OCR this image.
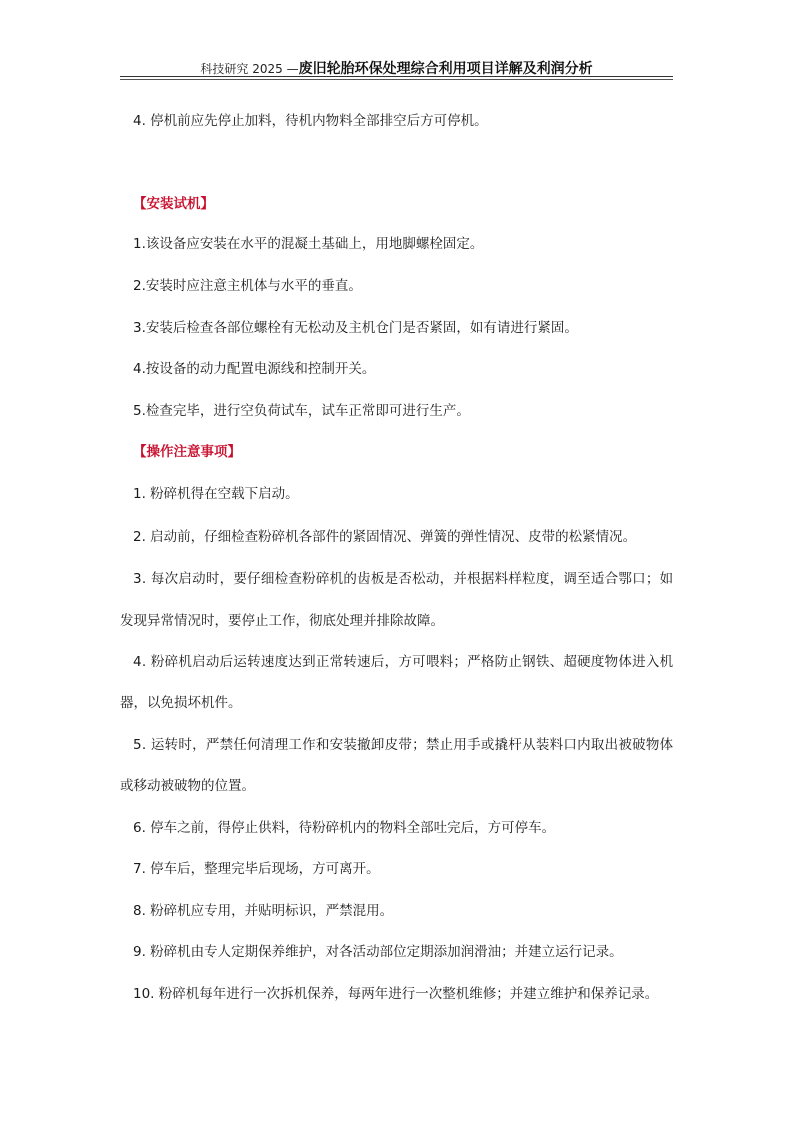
科技研究 2025 —废旧轮胎环保处理综合利用项目详解及利润分析
4. 停机前应先停止加料，待机内物料全部排空后方可停机。
【安装试机】
1.该设备应安装在水平的混凝土基础上，用地脚螺栓固定。
2.安装时应注意主机体与水平的垂直。
3.安装后检查各部位螺栓有无松动及主机仓门是否紧固，如有请进行紧固。
4.按设备的动力配置电源线和控制开关。
5.检查完毕，进行空负荷试车，试车正常即可进行生产。
【操作注意事项】
1. 粉碎机得在空载下启动。
2. 启动前，仔细检查粉碎机各部件的紧固情况、弹簧的弹性情况、皮带的松紧情况。
3. 每次启动时，要仔细检查粉碎机的齿板是否松动，并根据料样粒度，调至适合鄂口；如
发现异常情况时，要停止工作，彻底处理并排除故障。
4. 粉碎机启动后运转速度达到正常转速后，方可喂料；严格防止钢铁、超硬度物体进入机
器，以免损坏机件。
5. 运转时，严禁任何清理工作和安装撤卸皮带；禁止用手或撬杆从装料口内取出被破物体
或移动被破物的位置。
6. 停车之前，得停止供料，待粉碎机内的物料全部吐完后，方可停车。
7. 停车后，整理完毕后现场，方可离开。
8. 粉碎机应专用，并贴明标识，严禁混用。
9. 粉碎机由专人定期保养维护，对各活动部位定期添加润滑油；并建立运行记录。
10. 粉碎机每年进行一次拆机保养，每两年进行一次整机维修；并建立维护和保养记录。
